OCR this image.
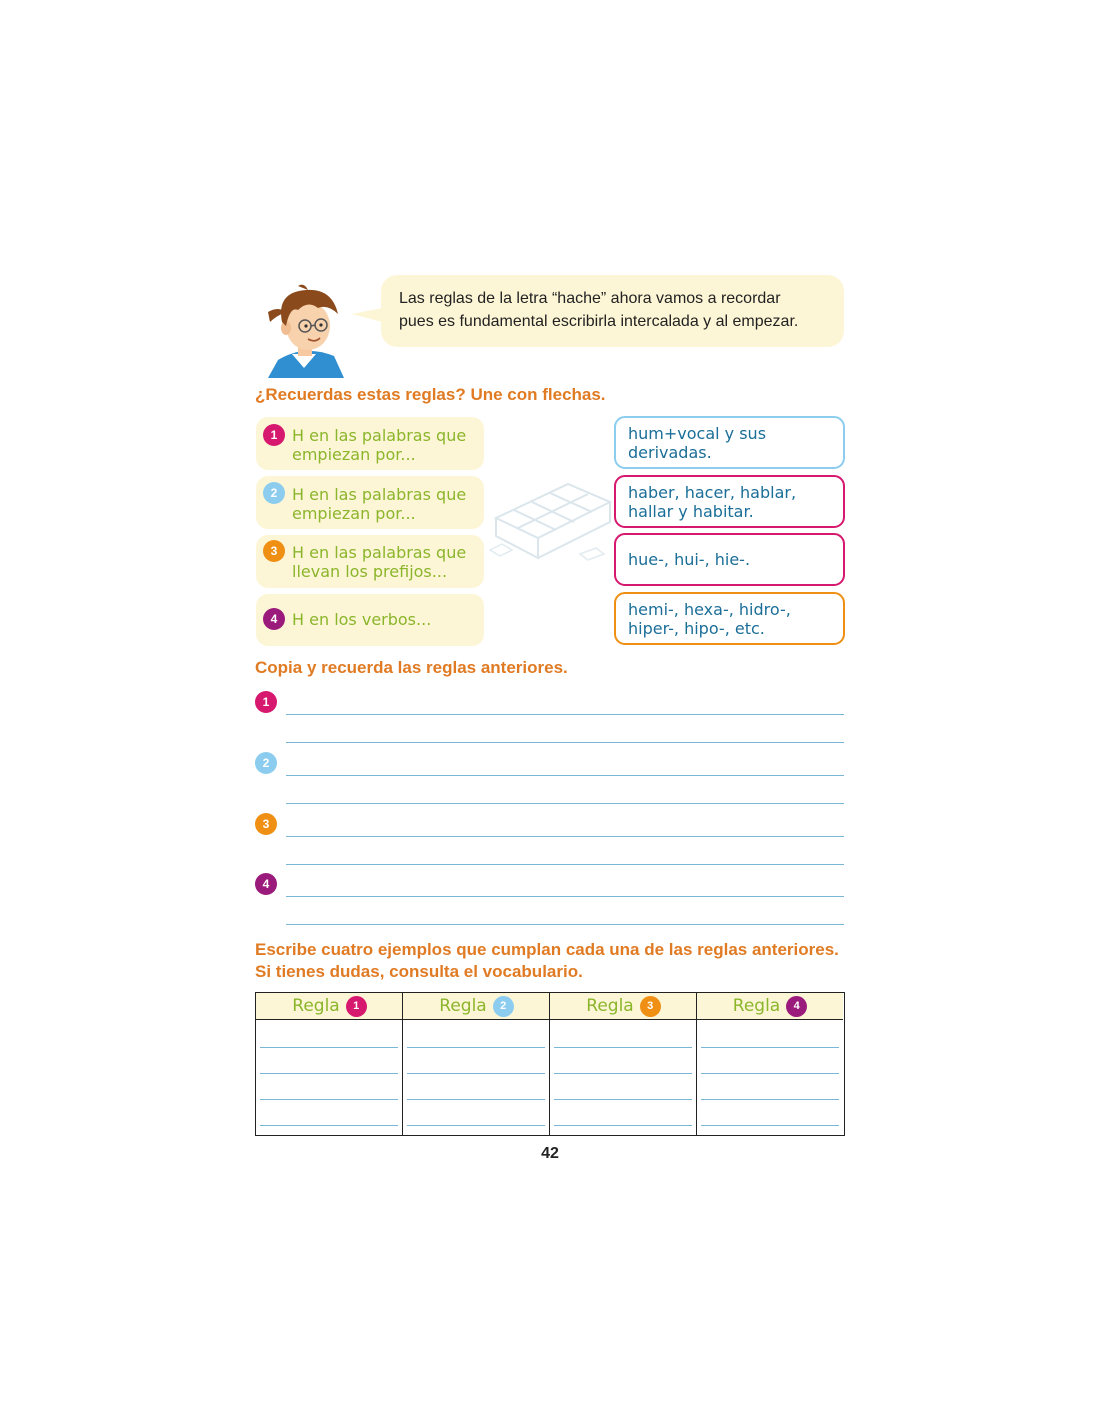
Las reglas de la letra “hache” ahora vamos a recordar
pues es fundamental escribirla intercalada y al empezar.
¿Recuerdas estas reglas? Une con flechas.
1 H en las palabras que
empiezan por...
2 H en las palabras que
empiezan por...
3 H en las palabras que
llevan los prefijos...
4 H en los verbos...
hum+vocal y sus derivadas.
haber, hacer, hablar,
hallar y habitar.
hue-, hui-, hie-.
hemi-, hexa-, hidro-,
hiper-, hipo-, etc.
Copia y recuerda las reglas anteriores.
1
2
3
4
Escribe cuatro ejemplos que cumplan cada una de las reglas anteriores.
Si tienes dudas, consulta el vocabulario.
Regla	1	Regla	2	Regla	3	Regla	4
42
